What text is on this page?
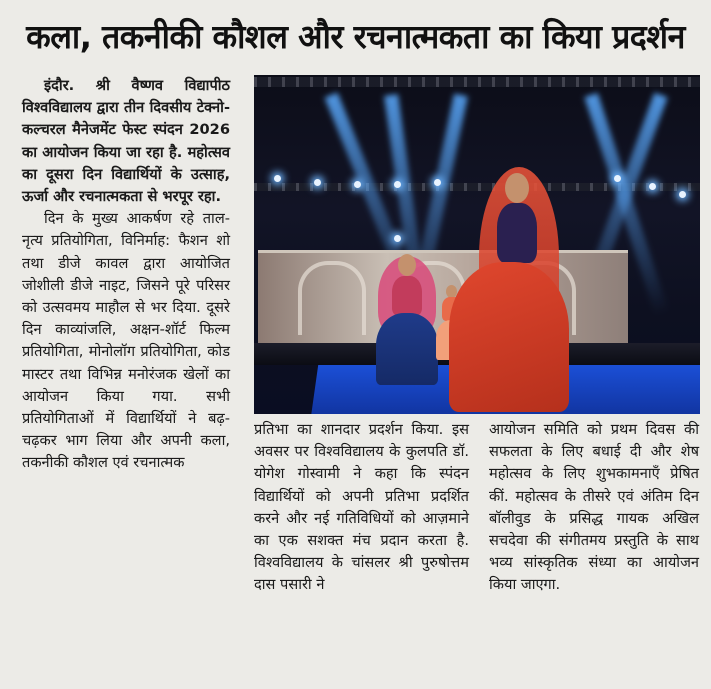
कला, तकनीकी कौशल और रचनात्मकता का किया प्रदर्शन

इंदौर. श्री वैष्णव विद्यापीठ विश्वविद्यालय द्वारा तीन दिवसीय टेक्नो-कल्चरल मैनेजमेंट फेस्ट स्पंदन 2026 का आयोजन किया जा रहा है. महोत्सव का दूसरा दिन विद्यार्थियों के उत्साह, ऊर्जा और रचनात्मकता से भरपूर रहा.

दिन के मुख्य आकर्षण रहे ताल- नृत्य प्रतियोगिता, विनिर्माह: फैशन शो तथा डीजे कावल द्वारा आयोजित जोशीली डीजे नाइट, जिसने पूरे परिसर को उत्सवमय माहौल से भर दिया. दूसरे दिन काव्यांजलि, अक्षन-शॉर्ट फिल्म प्रतियोगिता, मोनोलॉग प्रतियोगिता, कोड मास्टर तथा विभिन्न मनोरंजक खेलों का आयोजन किया गया. सभी प्रतियोगिताओं में विद्यार्थियों ने बढ़-चढ़कर भाग लिया और अपनी कला, तकनीकी कौशल एवं रचनात्मक

प्रतिभा का शानदार प्रदर्शन किया. इस अवसर पर विश्वविद्यालय के कुलपति डॉ. योगेश गोस्वामी ने कहा कि स्पंदन विद्यार्थियों को अपनी प्रतिभा प्रदर्शित करने और नई गतिविधियों को आज़माने का एक सशक्त मंच प्रदान करता है. विश्वविद्यालय के चांसलर श्री पुरुषोत्तम दास पसारी ने

आयोजन समिति को प्रथम दिवस की सफलता के लिए बधाई दी और शेष महोत्सव के लिए शुभकामनाएँ प्रेषित कीं. महोत्सव के तीसरे एवं अंतिम दिन बॉलीवुड के प्रसिद्ध गायक अखिल सचदेवा की संगीतमय प्रस्तुति के साथ भव्य सांस्कृतिक संध्या का आयोजन किया जाएगा.
